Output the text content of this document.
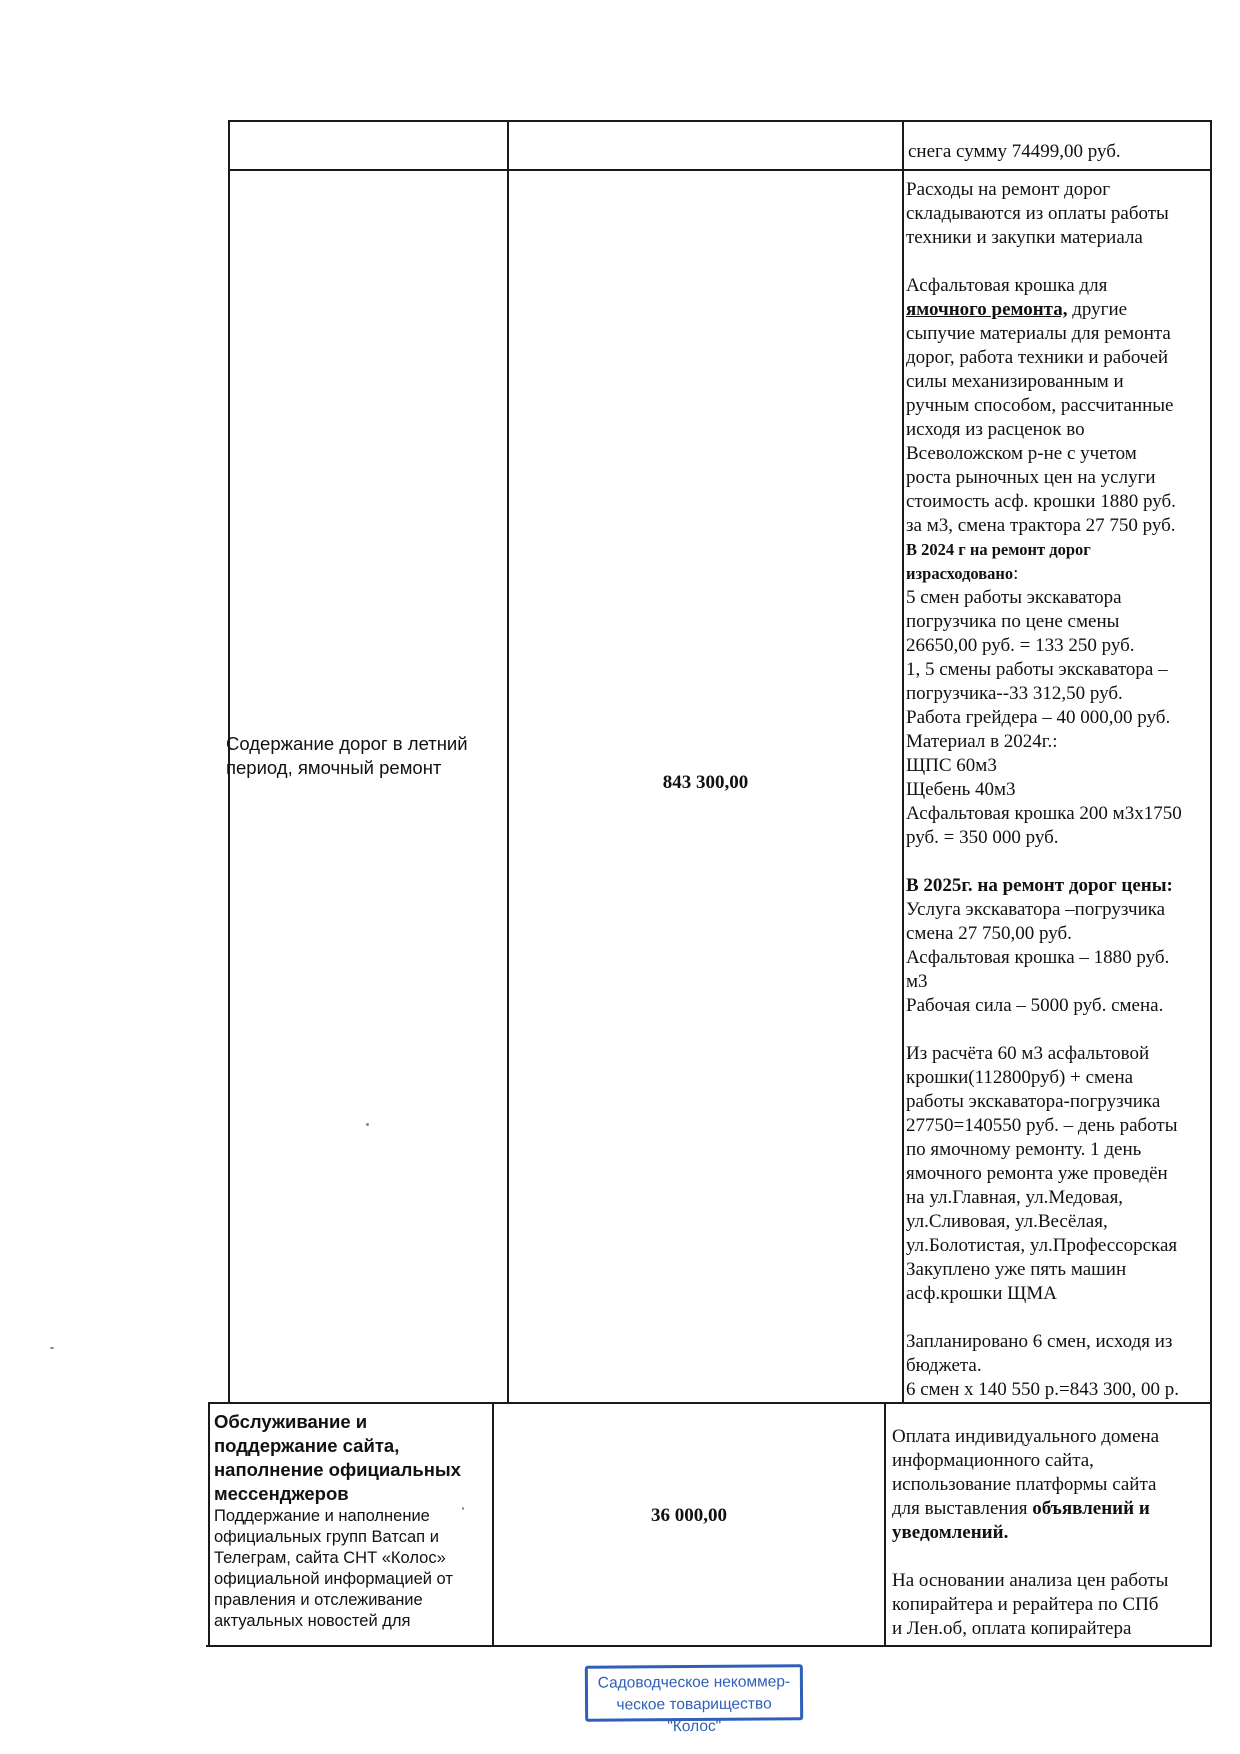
снега сумму 74499,00 руб.
Содержание дорог в летний
период, ямочный ремонт
843 300,00
Расходы на ремонт дорог
складываются из оплаты работы
техники и закупки материала
Асфальтовая крошка для
ямочного ремонта, другие
сыпучие материалы для ремонта
дорог, работа техники и рабочей
силы механизированным и
ручным способом, рассчитанные
исходя из расценок во
Всеволожском р-не с учетом
роста рыночных цен на услуги
стоимость асф. крошки 1880 руб.
за м3, смена трактора 27 750 руб.
В 2024 г на ремонт дорог
израсходовано:
5 смен работы экскаватора
погрузчика по цене смены
26650,00 руб. = 133 250 руб.
1, 5 смены работы экскаватора –
погрузчика--33 312,50 руб.
Работа грейдера – 40 000,00 руб.
Материал в 2024г.:
ЩПС 60м3
Щебень 40м3
Асфальтовая крошка 200 м3х1750
руб. = 350 000 руб.
В 2025г. на ремонт дорог цены:
Услуга экскаватора –погрузчика
смена 27 750,00 руб.
Асфальтовая крошка – 1880 руб.
м3
Рабочая сила – 5000 руб. смена.
Из расчёта 60 м3 асфальтовой
крошки(112800руб) + смена
работы экскаватора-погрузчика
27750=140550 руб. – день работы
по ямочному ремонту. 1 день
ямочного ремонта уже проведён
на ул.Главная, ул.Медовая,
ул.Сливовая, ул.Весёлая,
ул.Болотистая, ул.Профессорская
Закуплено уже пять машин
асф.крошки ЩМА
Запланировано 6 смен, исходя из
бюджета.
6 смен х 140 550 р.=843 300, 00 р.
Обслуживание и
поддержание сайта,
наполнение официальных
мессенджеров
Поддержание и наполнение
официальных групп Ватсап и
Телеграм, сайта СНТ «Колос»
официальной информацией от
правления и отслеживание
актуальных новостей для
36 000,00
Оплата индивидуального домена
информационного сайта,
использование платформы сайта
для выставления объявлений и
уведомлений.
На основании анализа цен работы
копирайтера и рерайтера по СПб
и Лен.об, оплата копирайтера
Садоводческое некоммер-
ческое товарищество "Колос"
